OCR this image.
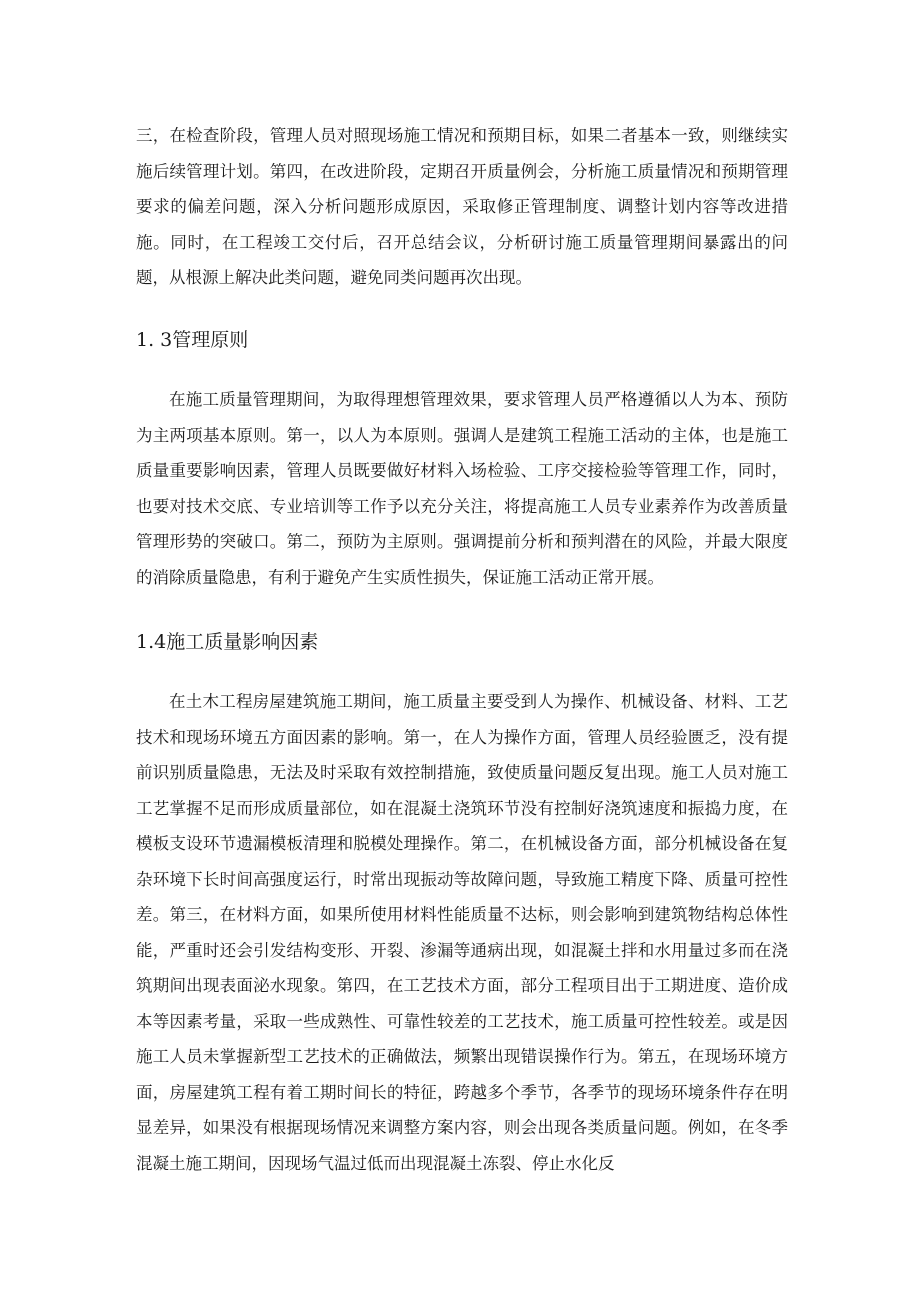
三，在检查阶段，管理人员对照现场施工情况和预期目标，如果二者基本一致，则继续实施后续管理计划。第四，在改进阶段，定期召开质量例会，分析施工质量情况和预期管理要求的偏差问题，深入分析问题形成原因，采取修正管理制度、调整计划内容等改进措施。同时，在工程竣工交付后，召开总结会议，分析研讨施工质量管理期间暴露出的问题，从根源上解决此类问题，避免同类问题再次出现。

1. 3管理原则

在施工质量管理期间，为取得理想管理效果，要求管理人员严格遵循以人为本、预防为主两项基本原则。第一，以人为本原则。强调人是建筑工程施工活动的主体，也是施工质量重要影响因素，管理人员既要做好材料入场检验、工序交接检验等管理工作，同时，也要对技术交底、专业培训等工作予以充分关注，将提高施工人员专业素养作为改善质量管理形势的突破口。第二，预防为主原则。强调提前分析和预判潜在的风险，并最大限度的消除质量隐患，有利于避免产生实质性损失，保证施工活动正常开展。

1.4施工质量影响因素

在土木工程房屋建筑施工期间，施工质量主要受到人为操作、机械设备、材料、工艺技术和现场环境五方面因素的影响。第一，在人为操作方面，管理人员经验匮乏，没有提前识别质量隐患，无法及时采取有效控制措施，致使质量问题反复出现。施工人员对施工工艺掌握不足而形成质量部位，如在混凝土浇筑环节没有控制好浇筑速度和振捣力度，在模板支设环节遗漏模板清理和脱模处理操作。第二，在机械设备方面，部分机械设备在复杂环境下长时间高强度运行，时常出现振动等故障问题，导致施工精度下降、质量可控性差。第三，在材料方面，如果所使用材料性能质量不达标，则会影响到建筑物结构总体性能，严重时还会引发结构变形、开裂、渗漏等通病出现，如混凝土拌和水用量过多而在浇筑期间出现表面泌水现象。第四，在工艺技术方面，部分工程项目出于工期进度、造价成本等因素考量，采取一些成熟性、可靠性较差的工艺技术，施工质量可控性较差。或是因施工人员未掌握新型工艺技术的正确做法，频繁出现错误操作行为。第五，在现场环境方面，房屋建筑工程有着工期时间长的特征，跨越多个季节，各季节的现场环境条件存在明显差异，如果没有根据现场情况来调整方案内容，则会出现各类质量问题。例如，在冬季混凝土施工期间，因现场气温过低而出现混凝土冻裂、停止水化反
